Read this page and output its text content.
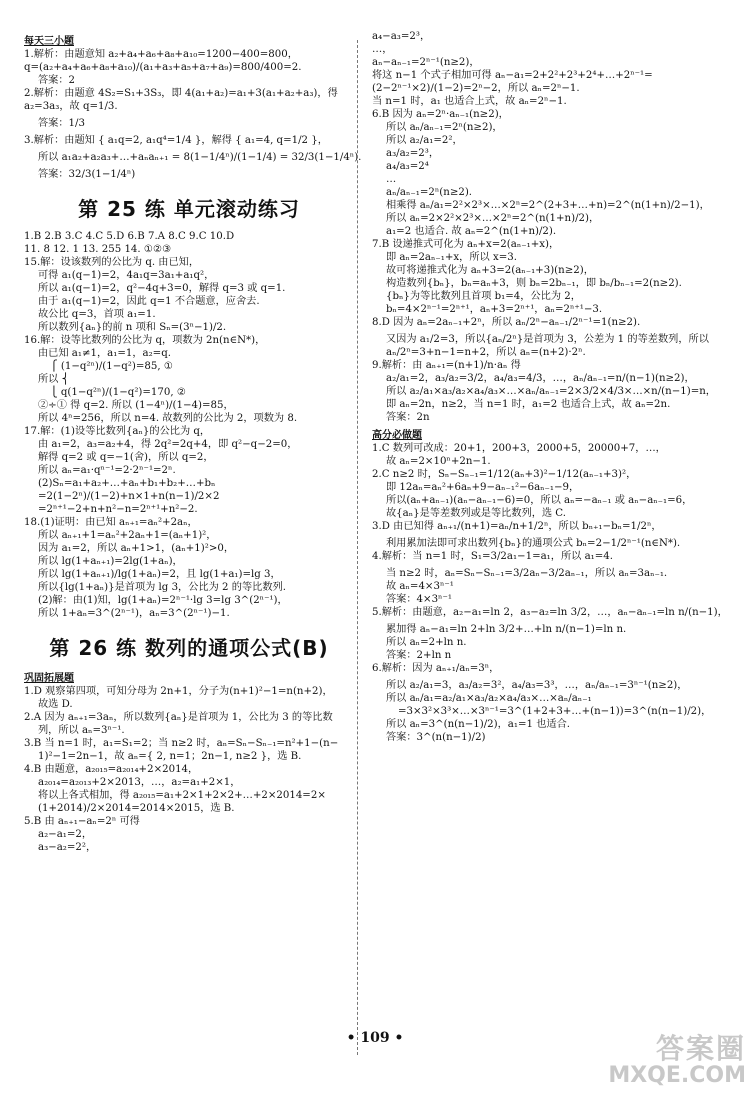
每天三小题
1.解析：由题意知 a₂+a₄+a₆+a₈+a₁₀=1200−400=800，
q=(a₂+a₄+a₆+a₈+a₁₀)/(a₁+a₃+a₅+a₇+a₉)=800/400=2.
答案：2
2.解析：由题意 4S₂=S₁+3S₃，即 4(a₁+a₂)=a₁+3(a₁+a₂+a₃)，得
a₂=3a₃，故 q=1/3.
答案：1/3
3.解析：由题知 { a₁q=2, a₁q⁴=1/4 }，解得 { a₁=4, q=1/2 }，
所以 a₁a₂+a₂a₃+…+aₙaₙ₊₁ = 8(1−1/4ⁿ)/(1−1/4) = 32/3(1−1/4ⁿ).
答案：32/3(1−1/4ⁿ)
第 25 练 单元滚动练习
1.B 2.B 3.C 4.C 5.D 6.B 7.A 8.C 9.C 10.D
11. 8 12. 1 13. 255 14. ①②③
15.解：设该数列的公比为 q. 由已知，
可得 a₁(q−1)=2，4a₁q=3a₁+a₁q²，
所以 a₁(q−1)=2，q²−4q+3=0，解得 q=3 或 q=1.
由于 a₁(q−1)=2，因此 q=1 不合题意，应舍去.
故公比 q=3，首项 a₁=1.
所以数列{aₙ}的前 n 项和 Sₙ=(3ⁿ−1)/2.
16.解：设等比数列的公比为 q，项数为 2n(n∈N*)，
由已知 a₁≠1，a₁=1，a₂=q.
⎧ (1−q²ⁿ)/(1−q²)=85, ①
所以 ⎨
⎩ q(1−q²ⁿ)/(1−q²)=170, ②
②÷① 得 q=2. 所以 (1−4ⁿ)/(1−4)=85，
所以 4ⁿ=256，所以 n=4. 故数列的公比为 2，项数为 8.
17.解：(1)设等比数列{aₙ}的公比为 q，
由 a₁=2，a₃=a₂+4，得 2q²=2q+4，即 q²−q−2=0，
解得 q=2 或 q=−1(舍)，所以 q=2，
所以 aₙ=a₁·qⁿ⁻¹=2·2ⁿ⁻¹=2ⁿ.
(2)Sₙ=a₁+a₂+…+aₙ+b₁+b₂+…+bₙ
=2(1−2ⁿ)/(1−2)+n×1+n(n−1)/2×2
=2ⁿ⁺¹−2+n+n²−n=2ⁿ⁺¹+n²−2.
18.(1)证明：由已知 aₙ₊₁=aₙ²+2aₙ，
所以 aₙ₊₁+1=aₙ²+2aₙ+1=(aₙ+1)²，
因为 a₁=2，所以 aₙ+1>1，(aₙ+1)²>0，
所以 lg(1+aₙ₊₁)=2lg(1+aₙ)，
所以 lg(1+aₙ₊₁)/lg(1+aₙ)=2，且 lg(1+a₁)=lg 3，
所以{lg(1+aₙ)}是首项为 lg 3，公比为 2 的等比数列.
(2)解：由(1)知，lg(1+aₙ)=2ⁿ⁻¹·lg 3=lg 3^(2ⁿ⁻¹)，
所以 1+aₙ=3^(2ⁿ⁻¹)，aₙ=3^(2ⁿ⁻¹)−1.
第 26 练 数列的通项公式(B)
巩固拓展题
1.D 观察第四项，可知分母为 2n+1，分子为(n+1)²−1=n(n+2)，
故选 D.
2.A 因为 aₙ₊₁=3aₙ，所以数列{aₙ}是首项为 1，公比为 3 的等比数
列，所以 aₙ=3ⁿ⁻¹.
3.B 当 n=1 时，a₁=S₁=2；当 n≥2 时，aₙ=Sₙ−Sₙ₋₁=n²+1−(n−
1)²−1=2n−1，故 aₙ={ 2, n=1；2n−1, n≥2 }，选 B.
4.B 由题意，a₂₀₁₅=a₂₀₁₄+2×2014，
a₂₀₁₄=a₂₀₁₃+2×2013，…，a₂=a₁+2×1，
将以上各式相加，得 a₂₀₁₅=a₁+2×1+2×2+…+2×2014=2×
(1+2014)/2×2014=2014×2015，选 B.
5.B 由 aₙ₊₁−aₙ=2ⁿ 可得
a₂−a₁=2，
a₃−a₂=2²，
a₄−a₃=2³，
…，
aₙ−aₙ₋₁=2ⁿ⁻¹(n≥2)，
将这 n−1 个式子相加可得 aₙ−a₁=2+2²+2³+2⁴+…+2ⁿ⁻¹=
(2−2ⁿ⁻¹×2)/(1−2)=2ⁿ−2，所以 aₙ=2ⁿ−1.
当 n=1 时，a₁ 也适合上式，故 aₙ=2ⁿ−1.
6.B 因为 aₙ=2ⁿ·aₙ₋₁(n≥2)，
所以 aₙ/aₙ₋₁=2ⁿ(n≥2)，
所以 a₂/a₁=2²，
a₃/a₂=2³，
a₄/a₃=2⁴
…
aₙ/aₙ₋₁=2ⁿ(n≥2).
相乘得 aₙ/a₁=2²×2³×…×2ⁿ=2^(2+3+…+n)=2^(n(1+n)/2−1)，
所以 aₙ=2×2²×2³×…×2ⁿ=2^(n(1+n)/2)，
a₁=2 也适合. 故 aₙ=2^(n(1+n)/2).
7.B 设递推式可化为 aₙ+x=2(aₙ₋₁+x)，
即 aₙ=2aₙ₋₁+x，所以 x=3.
故可将递推式化为 aₙ+3=2(aₙ₋₁+3)(n≥2)，
构造数列{bₙ}，bₙ=aₙ+3，则 bₙ=2bₙ₋₁，即 bₙ/bₙ₋₁=2(n≥2).
{bₙ}为等比数列且首项 b₁=4，公比为 2，
bₙ=4×2ⁿ⁻¹=2ⁿ⁺¹，aₙ+3=2ⁿ⁺¹，aₙ=2ⁿ⁺¹−3.
8.D 因为 aₙ=2aₙ₋₁+2ⁿ，所以 aₙ/2ⁿ−aₙ₋₁/2ⁿ⁻¹=1(n≥2).
又因为 a₁/2=3，所以{aₙ/2ⁿ}是首项为 3，公差为 1 的等差数列，所以
aₙ/2ⁿ=3+n−1=n+2，所以 aₙ=(n+2)·2ⁿ.
9.解析：由 aₙ₊₁=(n+1)/n·aₙ 得
a₂/a₁=2，a₃/a₂=3/2，a₄/a₃=4/3，…，aₙ/aₙ₋₁=n/(n−1)(n≥2)，
所以 a₂/a₁×a₃/a₂×a₄/a₃×…×aₙ/aₙ₋₁=2×3/2×4/3×…×n/(n−1)=n，
即 aₙ=2n，n≥2，当 n=1 时，a₁=2 也适合上式，故 aₙ=2n.
答案：2n
高分必做题
1.C 数列可改成：20+1，200+3，2000+5，20000+7，…，
故 aₙ=2×10ⁿ+2n−1.
2.C n≥2 时，Sₙ−Sₙ₋₁=1/12(aₙ+3)²−1/12(aₙ₋₁+3)²，
即 12aₙ=aₙ²+6aₙ+9−aₙ₋₁²−6aₙ₋₁−9，
所以(aₙ+aₙ₋₁)(aₙ−aₙ₋₁−6)=0，所以 aₙ=−aₙ₋₁ 或 aₙ−aₙ₋₁=6，
故{aₙ}是等差数列或是等比数列，选 C.
3.D 由已知得 aₙ₊₁/(n+1)=aₙ/n+1/2ⁿ，所以 bₙ₊₁−bₙ=1/2ⁿ，
利用累加法即可求出数列{bₙ}的通项公式 bₙ=2−1/2ⁿ⁻¹(n∈N*).
4.解析：当 n=1 时，S₁=3/2a₁−1=a₁，所以 a₁=4.
当 n≥2 时，aₙ=Sₙ−Sₙ₋₁=3/2aₙ−3/2aₙ₋₁，所以 aₙ=3aₙ₋₁.
故 aₙ=4×3ⁿ⁻¹
答案：4×3ⁿ⁻¹
5.解析：由题意，a₂−a₁=ln 2，a₃−a₂=ln 3/2，…，aₙ−aₙ₋₁=ln n/(n−1)，
累加得 aₙ−a₁=ln 2+ln 3/2+…+ln n/(n−1)=ln n.
所以 aₙ=2+ln n.
答案：2+ln n
6.解析：因为 aₙ₊₁/aₙ=3ⁿ，
所以 a₂/a₁=3，a₃/a₂=3²，a₄/a₃=3³，…，aₙ/aₙ₋₁=3ⁿ⁻¹(n≥2)，
所以 aₙ/a₁=a₂/a₁×a₃/a₂×a₄/a₃×…×aₙ/aₙ₋₁
=3×3²×3³×…×3ⁿ⁻¹=3^(1+2+3+…+(n−1))=3^(n(n−1)/2)，
所以 aₙ=3^(n(n−1)/2)，a₁=1 也适合.
答案：3^(n(n−1)/2)
• 109 •	答案圈
MXQE.COM
